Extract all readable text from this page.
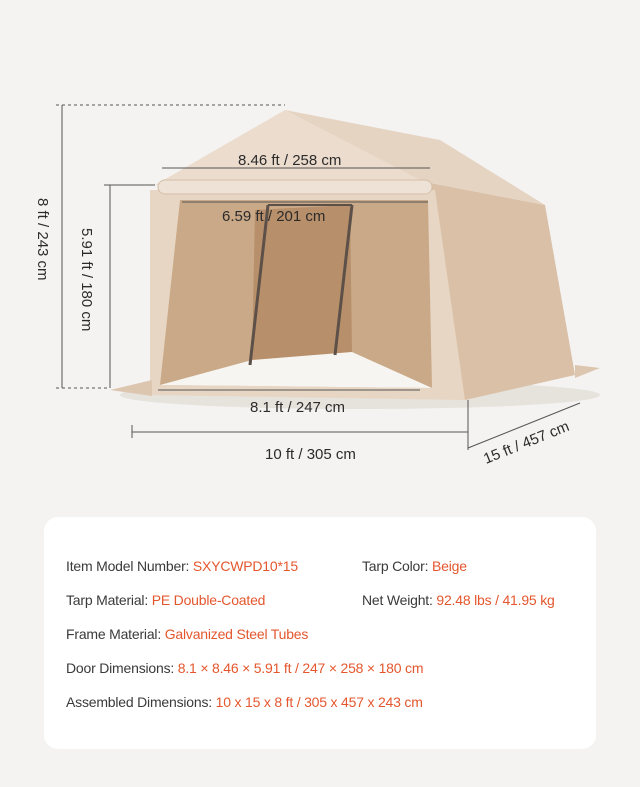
8.46 ft / 258 cm
6.59 ft / 201 cm
8.1 ft / 247 cm
10 ft / 305 cm
8 ft / 243 cm 5.91 ft / 180 cm
15 ft / 457 cm
Item Model Number: SXYCWPD10*15	Tarp Color: Beige
Tarp Material: PE Double-Coated	Net Weight: 92.48 lbs / 41.95 kg
Frame Material: Galvanized Steel Tubes
Door Dimensions: 8.1 × 8.46 × 5.91 ft / 247 × 258 × 180 cm
Assembled Dimensions: 10 x 15 x 8 ft / 305 x 457 x 243 cm
